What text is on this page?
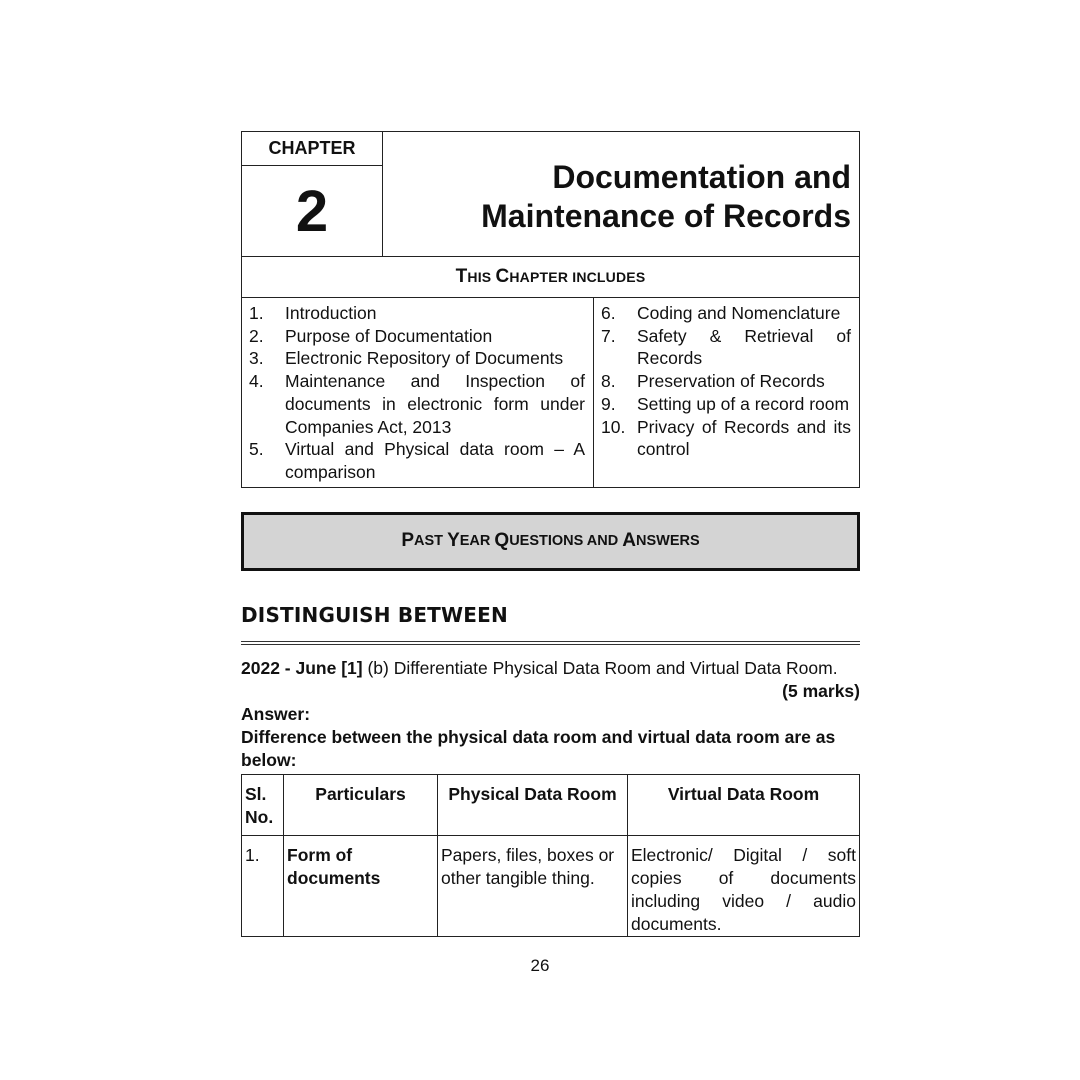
CHAPTER
2
Documentation and
Maintenance of Records
T HIS
C HAPTER INCLUDES
1.	Introduction
2.	Purpose of Documentation
3.	Electronic Repository of Documents
4.	Maintenance and Inspection of documents in electronic form under Companies Act, 2013
5.	Virtual and Physical data room – A comparison
6.	Coding and Nomenclature
7.	Safety & Retrieval of Records
8.	Preservation of Records
9.	Setting up of a record room
10. Privacy of Records and its control
P AST
Y EAR
Q UESTIONS AND
A NSWERS
DISTINGUISH BETWEEN
2022 - June [1] (b) Differentiate Physical Data Room and Virtual Data Room.
(5 marks)
Answer:
Difference between the physical data room and virtual data room are as below:
Sl. No.	Particulars	Physical Data Room	Virtual Data Room
1.	Form of documents	Papers, files, boxes or other tangible thing.	Electronic/ Digital / soft copies of documents including video / audio documents.
26
